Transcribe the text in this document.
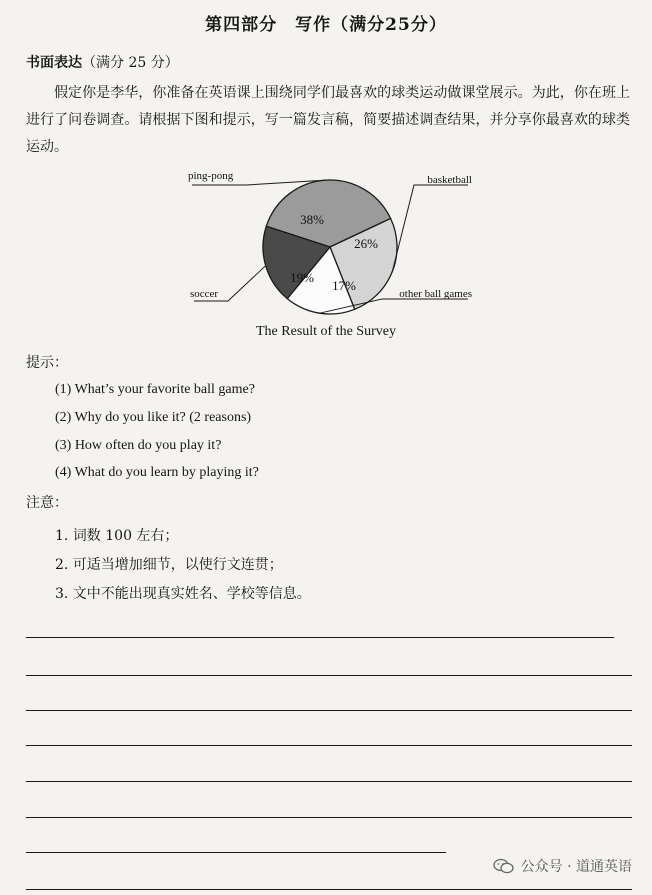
第四部分　写作（满分25分）
书面表达（满分 25 分）
假定你是李华，你准备在英语课上围绕同学们最喜欢的球类运动做课堂展示。为此，你在班上进行了问卷调查。请根据下图和提示，写一篇发言稿，简要描述调查结果，并分享你最喜欢的球类运动。
ping-pong
38%
basketball
26%
other ball games
17%
soccer
19%
The Result of the Survey
提示：
(1) What’s your favorite ball game?
(2) Why do you like it? (2 reasons)
(3) How often do you play it?
(4) What do you learn by playing it?
注意：
1. 词数 100 左右；
2. 可适当增加细节，以使行文连贯；
3. 文中不能出现真实姓名、学校等信息。
公众号 · 道通英语
